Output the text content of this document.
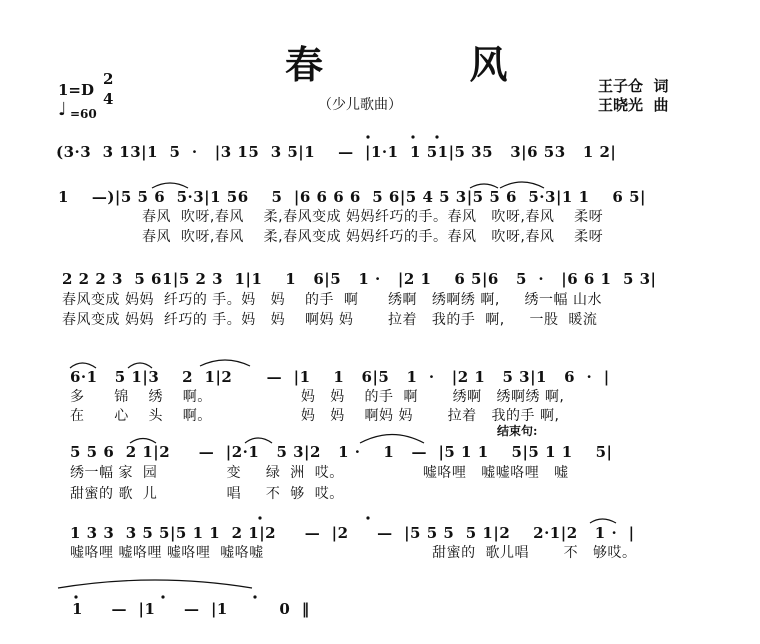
春  风
（少儿歌曲）
1=D
2
4
♩ =60
王子仓  词
王晓光  曲
(3·3  3 13|1  5  ·   |3 15  3 5|1    —  |1·1  1 51|5 35   3|6 53   1 2|
1    —)|5 5 6  5·3|1 56    5  |6 6 6 6  5 6|5 4 5 3|5 5 6  5·3|1 1    6 5|
春风  吹呀,春风    柔,春风变成 妈妈纤巧的手。春风   吹呀,春风    柔呀
春风  吹呀,春风    柔,春风变成 妈妈纤巧的手。春风   吹呀,春风    柔呀
2 2 2 3  5 61|5 2 3  1|1    1   6|5   1 ·   |2 1    6 5|6   5  ·   |6 6 1  5 3|
春风变成 妈妈  纤巧的 手。妈   妈    的手  啊      绣啊   绣啊绣 啊,     绣一幅 山水
春风变成 妈妈  纤巧的 手。妈   妈    啊妈 妈       拉着   我的手  啊,     一股  暖流
6·1   5 1|3    2  1|2      —  |1    1   6|5   1  ·   |2 1   5 3|1   6  ·  |
多      锦    绣    啊。                  妈   妈    的手  啊       绣啊   绣啊绣 啊,
在      心    头    啊。                  妈   妈    啊妈 妈       拉着   我的手 啊,
结束句:
5 5 6  2 1|2     —  |2·1   5 3|2   1 ·    1   —  |5 1 1    5|5 1 1    5|
绣一幅 家  园              变     绿  洲  哎。                嘘咯哩   嘘嘘咯哩   嘘
甜蜜的 歌  儿              唱     不  够  哎。
1 3 3  3 5 5|5 1 1  2 1|2     —  |2     —  |5 5 5  5 1|2    2·1|2   1 ·  |
嘘咯哩 嘘咯哩 嘘咯哩  嘘咯嘘                                  甜蜜的  歌儿唱       不   够哎。
1     —  |1     —  |1         0  ‖
